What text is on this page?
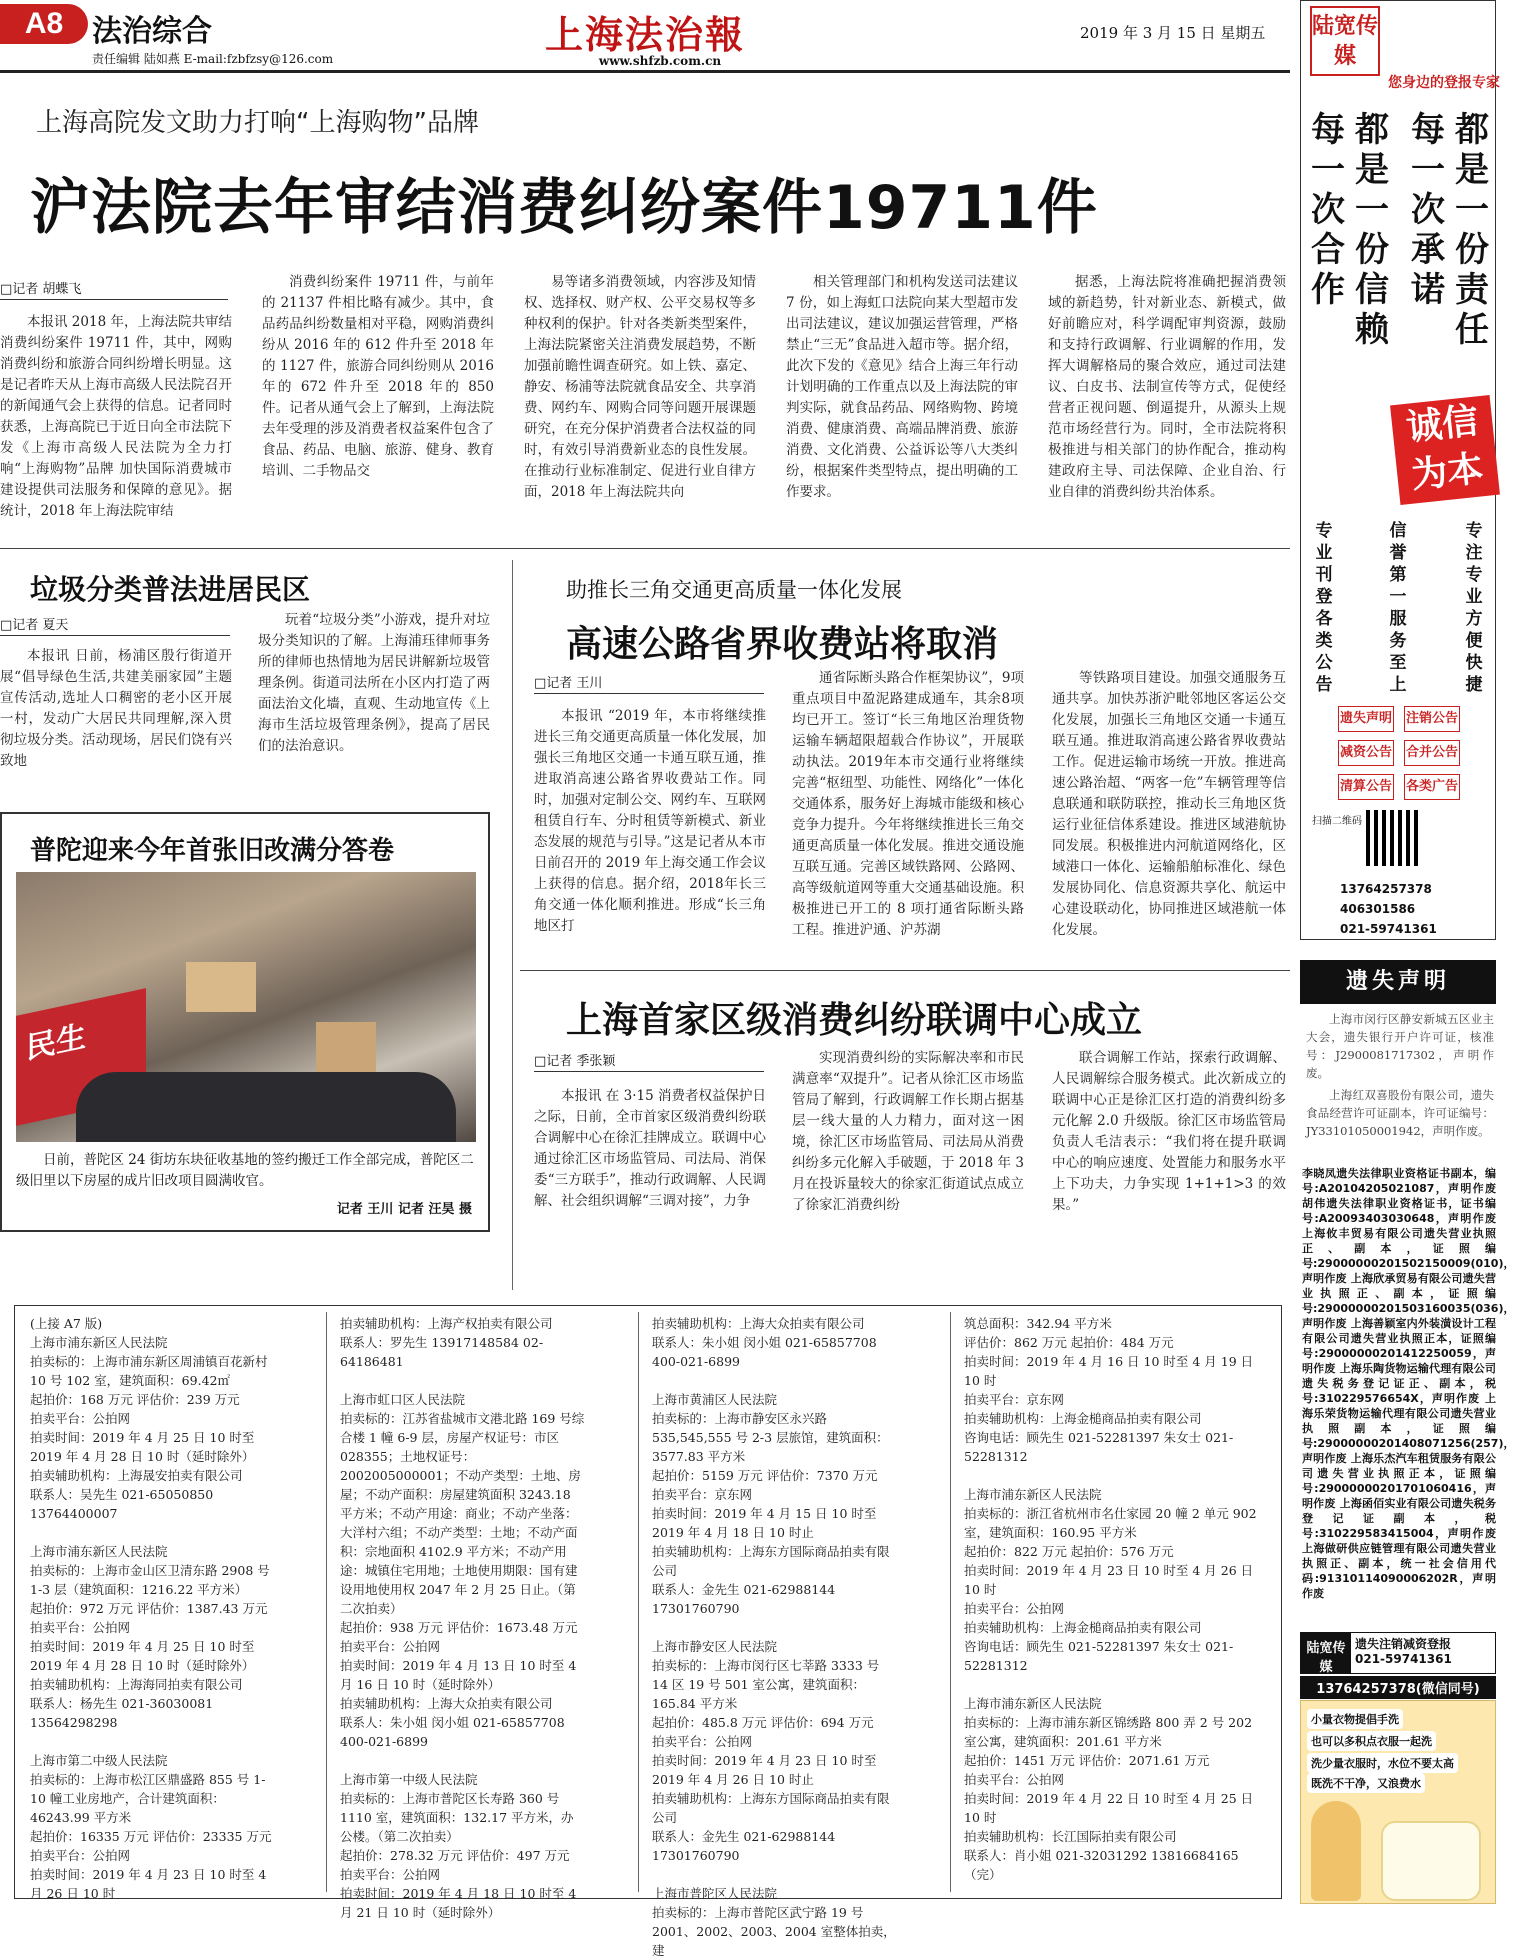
A8 法治综合
责任编辑 陆如燕 E-mail:fzbfzsy@126.com
上海法治報
www.shfzb.com.cn
2019 年 3 月 15 日 星期五
上海高院发文助力打响“上海购物”品牌
沪法院去年审结消费纠纷案件19711件
□记者 胡蝶飞

本报讯 2018 年，上海法院共审结消费纠纷案件 19711 件，其中，网购消费纠纷和旅游合同纠纷增长明显。这是记者昨天从上海市高级人民法院召开的新闻通气会上获得的信息。记者同时获悉，上海高院已于近日向全市法院下发《上海市高级人民法院为全力打响“上海购物”品牌 加快国际消费城市建设提供司法服务和保障的意见》。据统计，2018 年上海法院审结

消费纠纷案件 19711 件，与前年的 21137 件相比略有减少。其中，食品药品纠纷数量相对平稳，网购消费纠纷从 2016 年的 612 件升至 2018 年的 1127 件，旅游合同纠纷则从 2016 年的 672 件升至 2018 年的 850 件。记者从通气会上了解到，上海法院去年受理的涉及消费者权益案件包含了食品、药品、电脑、旅游、健身、教育培训、二手物品交

易等诸多消费领域，内容涉及知情权、选择权、财产权、公平交易权等多种权利的保护。针对各类新类型案件，上海法院紧密关注消费发展趋势，不断加强前瞻性调查研究。如上铁、嘉定、静安、杨浦等法院就食品安全、共享消费、网约车、网购合同等问题开展课题研究，在充分保护消费者合法权益的同时，有效引导消费新业态的良性发展。在推动行业标准制定、促进行业自律方面，2018 年上海法院共向

相关管理部门和机构发送司法建议 7 份，如上海虹口法院向某大型超市发出司法建议，建议加强运营管理，严格禁止“三无”食品进入超市等。据介绍，此次下发的《意见》结合上海三年行动计划明确的工作重点以及上海法院的审判实际，就食品药品、网络购物、跨境消费、健康消费、高端品牌消费、旅游消费、文化消费、公益诉讼等八大类纠纷，根据案件类型特点，提出明确的工作要求。

据悉，上海法院将准确把握消费领域的新趋势，针对新业态、新模式，做好前瞻应对，科学调配审判资源，鼓励和支持行政调解、行业调解的作用，发挥大调解格局的聚合效应，通过司法建议、白皮书、法制宣传等方式，促使经营者正视问题、倒逼提升，从源头上规范市场经营行为。同时，全市法院将积极推进与相关部门的协作配合，推动构建政府主导、司法保障、企业自治、行业自律的消费纠纷共治体系。

垃圾分类普法进居民区
□记者 夏天

本报讯 日前，杨浦区殷行街道开展“倡导绿色生活,共建美丽家园”主题宣传活动,选址人口稠密的老小区开展一村，发动广大居民共同理解,深入贯彻垃圾分类。活动现场，居民们饶有兴致地

玩着“垃圾分类”小游戏，提升对垃圾分类知识的了解。上海浦珏律师事务所的律师也热情地为居民讲解新垃圾管理条例。街道司法所在小区内打造了两面法治文化墙，直观、生动地宣传《上海市生活垃圾管理条例》，提高了居民们的法治意识。

普陀迎来今年首张旧改满分答卷
民生
日前，普陀区 24 街坊东块征收基地的签约搬迁工作全部完成，普陀区二级旧里以下房屋的成片旧改项目圆满收官。
记者 王川 记者 汪昊 摄
助推长三角交通更高质量一体化发展
高速公路省界收费站将取消
□记者 王川

本报讯 “2019 年，本市将继续推进长三角交通更高质量一体化发展，加强长三角地区交通一卡通互联互通，推进取消高速公路省界收费站工作。同时，加强对定制公交、网约车、互联网租赁自行车、分时租赁等新模式、新业态发展的规范与引导。”这是记者从本市日前召开的 2019 年上海交通工作会议上获得的信息。据介绍，2018年长三角交通一体化顺利推进。形成“长三角地区打

通省际断头路合作框架协议”，9项重点项目中盈泥路建成通车，其余8项均已开工。签订“长三角地区治理货物运输车辆超限超载合作协议”，开展联动执法。2019年本市交通行业将继续完善“枢纽型、功能性、网络化”一体化交通体系，服务好上海城市能级和核心竞争力提升。今年将继续推进长三角交通更高质量一体化发展。推进交通设施互联互通。完善区域铁路网、公路网、高等级航道网等重大交通基础设施。积极推进已开工的 8 项打通省际断头路工程。推进沪通、沪苏湖

等铁路项目建设。加强交通服务互通共享。加快苏浙沪毗邻地区客运公交化发展，加强长三角地区交通一卡通互联互通。推进取消高速公路省界收费站工作。促进运输市场统一开放。推进高速公路治超、“两客一危”车辆管理等信息联通和联防联控，推动长三角地区货运行业征信体系建设。推进区域港航协同发展。积极推进内河航道网络化，区域港口一体化、运输船舶标准化、绿色发展协同化、信息资源共享化、航运中心建设联动化，协同推进区域港航一体化发展。

上海首家区级消费纠纷联调中心成立
□记者 季张颖

本报讯 在 3·15 消费者权益保护日之际，日前，全市首家区级消费纠纷联合调解中心在徐汇挂牌成立。联调中心通过徐汇区市场监管局、司法局、消保委“三方联手”，推动行政调解、人民调解、社会组织调解“三调对接”，力争

实现消费纠纷的实际解决率和市民满意率“双提升”。记者从徐汇区市场监管局了解到，行政调解工作长期占据基层一线大量的人力精力，面对这一困境，徐汇区市场监管局、司法局从消费纠纷多元化解入手破题，于 2018 年 3 月在投诉量较大的徐家汇街道试点成立了徐家汇消费纠纷

联合调解工作站，探索行政调解、人民调解综合服务模式。此次新成立的联调中心正是徐汇区打造的消费纠纷多元化解 2.0 升级版。徐汇区市场监管局负责人毛洁表示：“我们将在提升联调中心的响应速度、处置能力和服务水平上下功夫，力争实现 1+1+1>3 的效果。”

(上接 A7 版)
上海市浦东新区人民法院
拍卖标的：上海市浦东新区周浦镇百花新村 10 号 102 室，建筑面积：69.42㎡
起拍价：168 万元 评估价：239 万元
拍卖平台：公拍网
拍卖时间：2019 年 4 月 25 日 10 时至 2019 年 4 月 28 日 10 时（延时除外）
拍卖辅助机构：上海晟安拍卖有限公司
联系人：吴先生 021-65050850 13764400007

上海市浦东新区人民法院
拍卖标的：上海市金山区卫清东路 2908 号 1-3 层（建筑面积：1216.22 平方米）
起拍价：972 万元 评估价：1387.43 万元
拍卖平台：公拍网
拍卖时间：2019 年 4 月 25 日 10 时至 2019 年 4 月 28 日 10 时（延时除外）
拍卖辅助机构：上海海同拍卖有限公司
联系人：杨先生 021-36030081 13564298298

上海市第二中级人民法院
拍卖标的：上海市松江区鼎盛路 855 号 1-10 幢工业房地产，合计建筑面积：46243.99 平方米
起拍价：16335 万元 评估价：23335 万元
拍卖平台：公拍网
拍卖时间：2019 年 4 月 23 日 10 时至 4 月 26 日 10 时
拍卖辅助机构：上海产权拍卖有限公司
联系人：罗先生 13917148584 02-64186481

上海市虹口区人民法院
拍卖标的：江苏省盐城市文港北路 169 号综合楼 1 幢 6-9 层，房屋产权证号：市区 028355；土地权证号：2002005000001；不动产类型：土地、房屋；不动产面积：房屋建筑面积 3243.18 平方米；不动产用途：商业；不动产坐落：大洋村六组；不动产类型：土地；不动产面积：宗地面积 4102.9 平方米；不动产用途：城镇住宅用地；土地使用期限：国有建设用地使用权 2047 年 2 月 25 日止。（第二次拍卖）
起拍价：938 万元 评估价：1673.48 万元
拍卖平台：公拍网
拍卖时间：2019 年 4 月 13 日 10 时至 4 月 16 日 10 时（延时除外）
拍卖辅助机构：上海大众拍卖有限公司
联系人：朱小姐 闵小姐 021-65857708 400-021-6899

上海市第一中级人民法院
拍卖标的：上海市普陀区长寿路 360 号 1110 室，建筑面积：132.17 平方米，办公楼。（第二次拍卖）
起拍价：278.32 万元 评估价：497 万元
拍卖平台：公拍网
拍卖时间：2019 年 4 月 18 日 10 时至 4 月 21 日 10 时（延时除外）
拍卖辅助机构：上海大众拍卖有限公司
联系人：朱小姐 闵小姐 021-65857708 400-021-6899

上海市黄浦区人民法院
拍卖标的：上海市静安区永兴路 535,545,555 号 2-3 层旅馆，建筑面积：3577.83 平方米
起拍价：5159 万元 评估价：7370 万元
拍卖平台：京东网
拍卖时间：2019 年 4 月 15 日 10 时至 2019 年 4 月 18 日 10 时止
拍卖辅助机构：上海东方国际商品拍卖有限公司
联系人：金先生 021-62988144 17301760790

上海市静安区人民法院
拍卖标的：上海市闵行区七莘路 3333 号 14 区 19 号 501 室公寓，建筑面积：165.84 平方米
起拍价：485.8 万元 评估价：694 万元
拍卖平台：公拍网
拍卖时间：2019 年 4 月 23 日 10 时至 2019 年 4 月 26 日 10 时止
拍卖辅助机构：上海东方国际商品拍卖有限公司
联系人：金先生 021-62988144 17301760790

上海市普陀区人民法院
拍卖标的：上海市普陀区武宁路 19 号 2001、2002、2003、2004 室整体拍卖，建
筑总面积：342.94 平方米
评估价：862 万元 起拍价：484 万元
拍卖时间：2019 年 4 月 16 日 10 时至 4 月 19 日 10 时
拍卖平台：京东网
拍卖辅助机构：上海金槌商品拍卖有限公司
咨询电话：顾先生 021-52281397 朱女士 021-52281312

上海市浦东新区人民法院
拍卖标的：浙江省杭州市名仕家园 20 幢 2 单元 902 室，建筑面积：160.95 平方米
起拍价：822 万元 起拍价：576 万元
拍卖时间：2019 年 4 月 23 日 10 时至 4 月 26 日 10 时
拍卖平台：公拍网
拍卖辅助机构：上海金槌商品拍卖有限公司
咨询电话：顾先生 021-52281397 朱女士 021-52281312

上海市浦东新区人民法院
拍卖标的：上海市浦东新区锦绣路 800 弄 2 号 202 室公寓，建筑面积：201.61 平方米
起拍价：1451 万元 评估价：2071.61 万元
拍卖平台：公拍网
拍卖时间：2019 年 4 月 22 日 10 时至 4 月 25 日 10 时
拍卖辅助机构：长江国际拍卖有限公司
联系人：肖小姐 021-32031292 13816684165
（完）
陆宽传媒
您身边的登报专家
每一次合作
都是一份信赖
每一次承诺
都是一份责任
诚信为本
专业刊登各类公告
信誉第一服务至上
专注专业方便快捷
遗失声明 注销公告
减资公告 合并公告
清算公告 各类广告
扫描二维码
13764257378
406301586
021-59741361
遗失声明
上海市闵行区静安新城五区业主大会，遗失银行开户许可证，核准号：J2900081717302，声明作废。
上海红双喜股份有限公司，遗失食品经营许可证副本，许可证编号：JY33101050001942，声明作废。
李晓凤遗失法律职业资格证书副本，编号:A20104205021087，声明作废 胡伟遗失法律职业资格证书，证书编号:A20093403030648，声明作废 上海攸丰贸易有限公司遗失营业执照正、副本，证照编号:29000000201502150009(010)，声明作废 上海欣承贸易有限公司遗失营业执照正、副本，证照编号:29000000201503160035(036)，声明作废 上海善颖室内外装潢设计工程有限公司遗失营业执照正本，证照编号:29000000201412250059，声明作废 上海乐陶货物运输代理有限公司遗失税务登记证正、副本，税号:310229576654X，声明作废 上海乐荣货物运输代理有限公司遗失营业执照副本，证照编号:29000000201408071256(257)，声明作废 上海乐杰汽车租赁服务有限公司遗失营业执照正本，证照编号:29000000201701060416，声明作废 上海函佰实业有限公司遗失税务登记证副本，税号:310229583415004，声明作废 上海做研供应链管理有限公司遗失营业执照正、副本，统一社会信用代码:91310114090006202R，声明作废
陆宽传媒
遗失注销减资登报
021-59741361
13764257378(微信同号)
小量衣物提倡手洗
也可以多积点衣服一起洗
洗少量衣服时，水位不要太高
既洗不干净，又浪费水
